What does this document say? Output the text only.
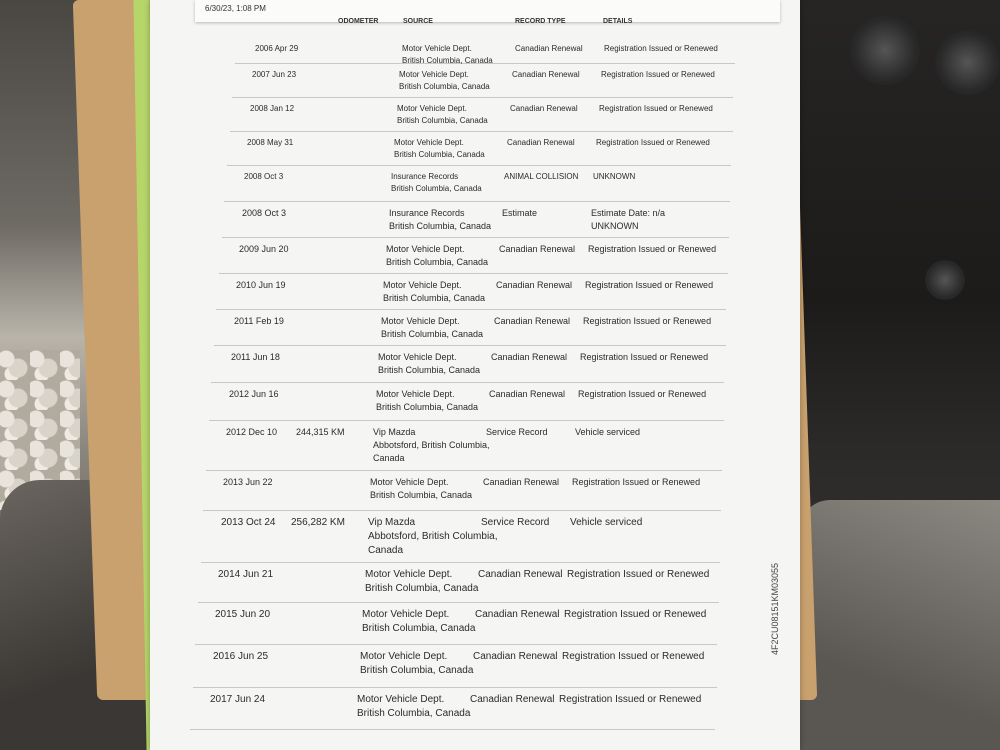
6/30/23, 1:08 PM
ODOMETER	SOURCE	RECORD TYPE	DETAILS
2006 Apr 29	Motor Vehicle Dept.
British Columbia, Canada
Canadian Renewal	Registration Issued or Renewed
2007 Jun 23	Motor Vehicle Dept.
British Columbia, Canada
Canadian Renewal	Registration Issued or Renewed
2008 Jan 12	Motor Vehicle Dept.
British Columbia, Canada
Canadian Renewal	Registration Issued or Renewed
2008 May 31	Motor Vehicle Dept.
British Columbia, Canada
Canadian Renewal	Registration Issued or Renewed
2008 Oct 3	Insurance Records
British Columbia, Canada
ANIMAL COLLISION UNKNOWN
2008 Oct 3	Insurance Records
British Columbia, Canada
Estimate	Estimate Date: n/a
UNKNOWN
2009 Jun 20	Motor Vehicle Dept.
British Columbia, Canada
Canadian Renewal Registration Issued or Renewed
2010 Jun 19	Motor Vehicle Dept.
British Columbia, Canada
Canadian Renewal Registration Issued or Renewed
2011 Feb 19	Motor Vehicle Dept.
British Columbia, Canada
Canadian Renewal Registration Issued or Renewed
2011 Jun 18	Motor Vehicle Dept.
British Columbia, Canada
Canadian Renewal Registration Issued or Renewed
2012 Jun 16	Motor Vehicle Dept.
British Columbia, Canada
Canadian Renewal Registration Issued or Renewed
2012 Dec 10 244,315 KM	Vip Mazda
Abbotsford, British Columbia,
Canada
Service Record	Vehicle serviced
2013 Jun 22	Motor Vehicle Dept.
British Columbia, Canada
Canadian Renewal Registration Issued or Renewed
2013 Oct 24 256,282 KM Vip Mazda
Abbotsford, British Columbia,
Canada
Service Record Vehicle serviced
2014 Jun 21	Motor Vehicle Dept.
British Columbia, Canada
Canadian Renewal Registration Issued or Renewed
2015 Jun 20	Motor Vehicle Dept.
British Columbia, Canada
Canadian Renewal Registration Issued or Renewed
2016 Jun 25	Motor Vehicle Dept.
British Columbia, Canada
Canadian Renewal Registration Issued or Renewed
2017 Jun 24	Motor Vehicle Dept.
British Columbia, Canada
Canadian Renewal Registration Issued or Renewed
4F2CU08151KM03055
